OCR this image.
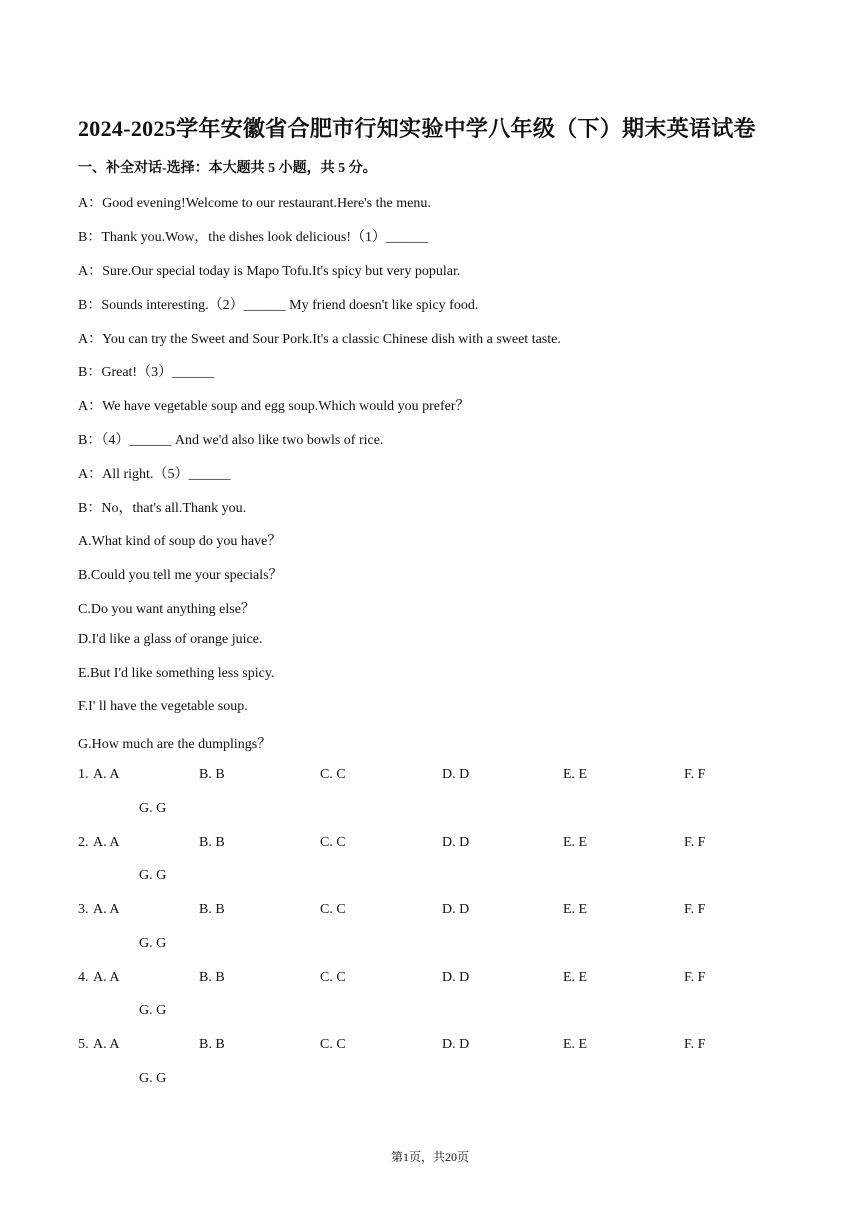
2024-2025学年安徽省合肥市行知实验中学八年级（下）期末英语试卷
一、补全对话-选择：本大题共 5 小题，共 5 分。
A：Good evening!Welcome to our restaurant.Here's the menu.
B：Thank you.Wow，the dishes look delicious!（1）______
A：Sure.Our special today is Mapo Tofu.It's spicy but very popular.
B：Sounds interesting.（2）______ My friend doesn't like spicy food.
A：You can try the Sweet and Sour Pork.It's a classic Chinese dish with a sweet taste.
B：Great!（3）______
A：We have vegetable soup and egg soup.Which would you prefer？
B：（4）______ And we'd also like two bowls of rice.
A：All right.（5）______
B：No，that's all.Thank you.
A.What kind of soup do you have？
B.Could you tell me your specials？
C.Do you want anything else？
D.I'd like a glass of orange juice.
E.But I'd like something less spicy.
F.I' ll have the vegetable soup.
G.How much are the dumplings？
1. A. A	B. B	C. C	D. D	E. E	F. F
G. G
2. A. A	B. B	C. C	D. D	E. E	F. F
G. G
3. A. A	B. B	C. C	D. D	E. E	F. F
G. G
4. A. A	B. B	C. C	D. D	E. E	F. F
G. G
5. A. A	B. B	C. C	D. D	E. E	F. F
G. G
第1页，共20页
